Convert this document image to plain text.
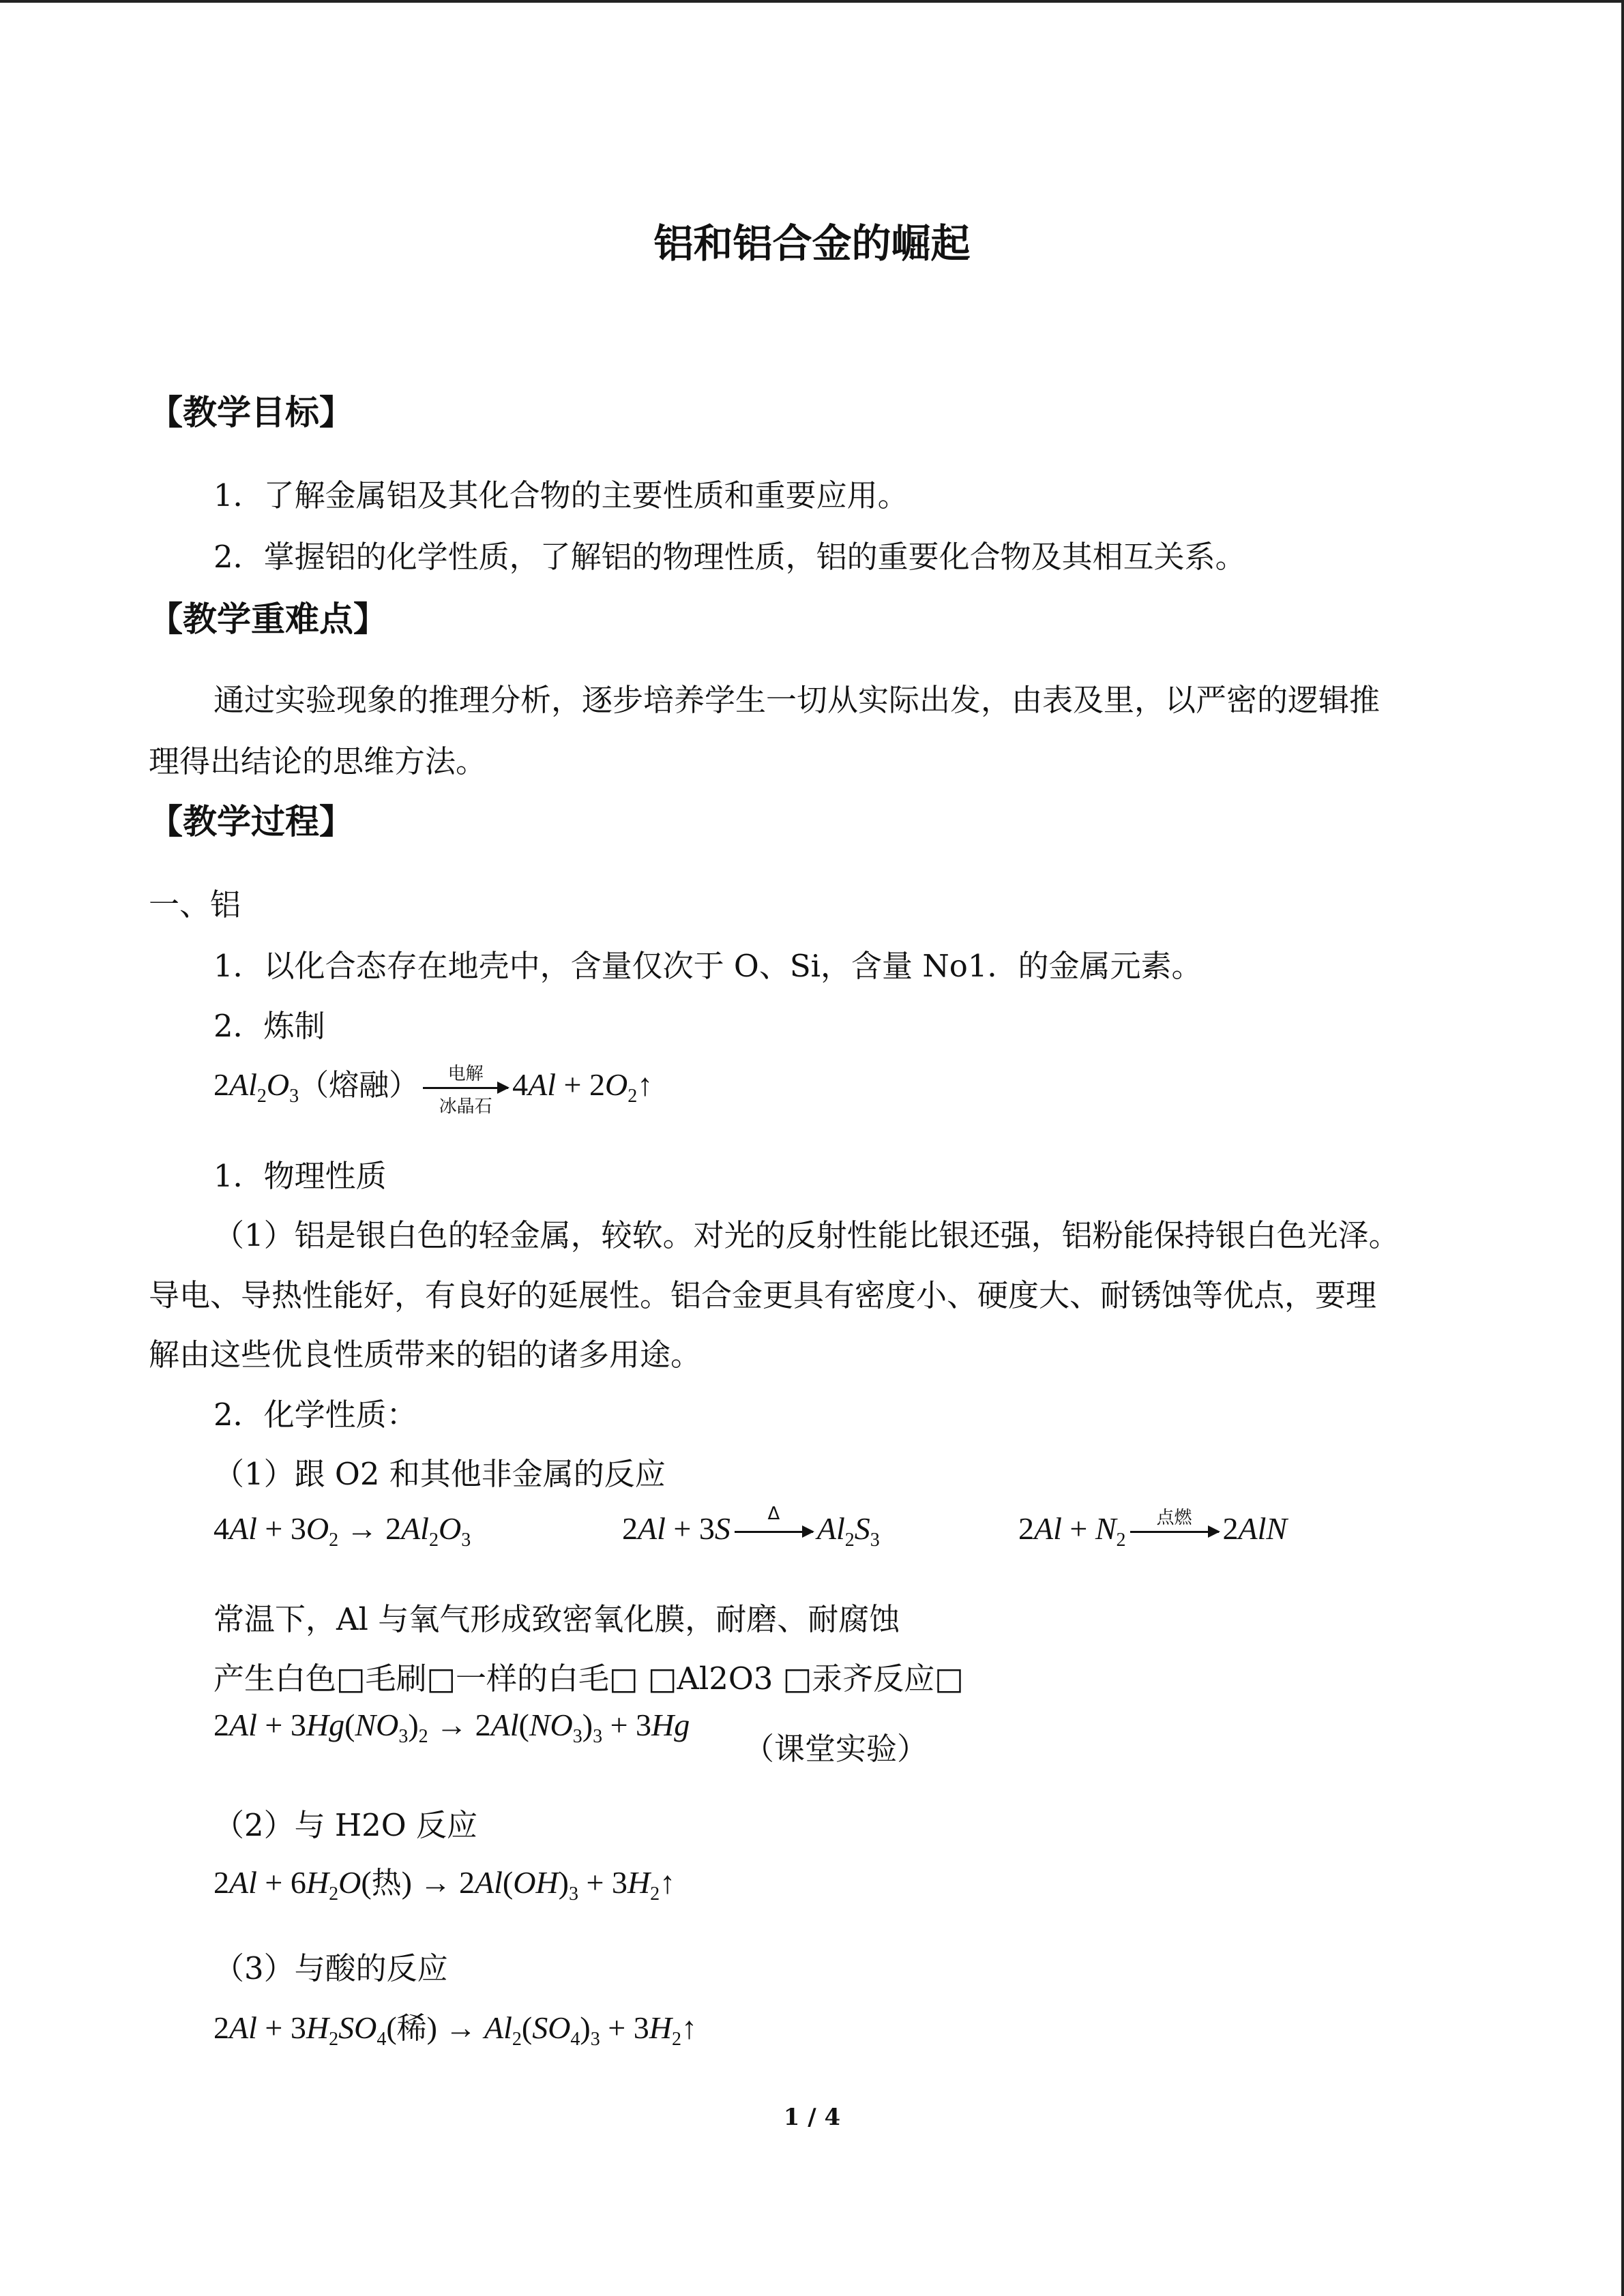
铝和铝合金的崛起
【教学目标】
1．了解金属铝及其化合物的主要性质和重要应用。
2．掌握铝的化学性质，了解铝的物理性质，铝的重要化合物及其相互关系。
【教学重难点】
通过实验现象的推理分析，逐步培养学生一切从实际出发，由表及里，以严密的逻辑推
理得出结论的思维方法。
【教学过程】
一、铝
1．以化合态存在地壳中，含量仅次于 O、Si，含量 No1．的金属元素。
2．炼制
$2Al_2O_3$（熔融）	电解
冰晶石
$4Al + 2O_2↑$
1．物理性质
（1）铝是银白色的轻金属，较软。对光的反射性能比银还强，铝粉能保持银白色光泽。
导电、导热性能好，有良好的延展性。铝合金更具有密度小、硬度大、耐锈蚀等优点，要理
解由这些优良性质带来的铝的诸多用途。
2．化学性质：
（1）跟 O2 和其他非金属的反应
$4Al + 3O_2 \to 2Al_2O_3$	2Al + 3S	Δ	$Al_2S_3$	$2Al + N_2$
点燃 2AlN
常温下，Al 与氧气形成致密氧化膜，耐磨、耐腐蚀
产生白色□毛刷□一样的白毛□ □Al2O3 □汞齐反应□
$2Al + 3Hg(NO_3)_2 \to 2Al(NO_3)_3 + 3Hg$
（课堂实验）
（2）与 H2O 反应
$2Al + 6H_2O$(热) → $2Al(OH)_3$ + $3H_2↑$
（3）与酸的反应
$2Al + 3H_2SO_4$(稀) → $Al_2(SO_4)_3$ + $3H_2↑$
1 / 4
